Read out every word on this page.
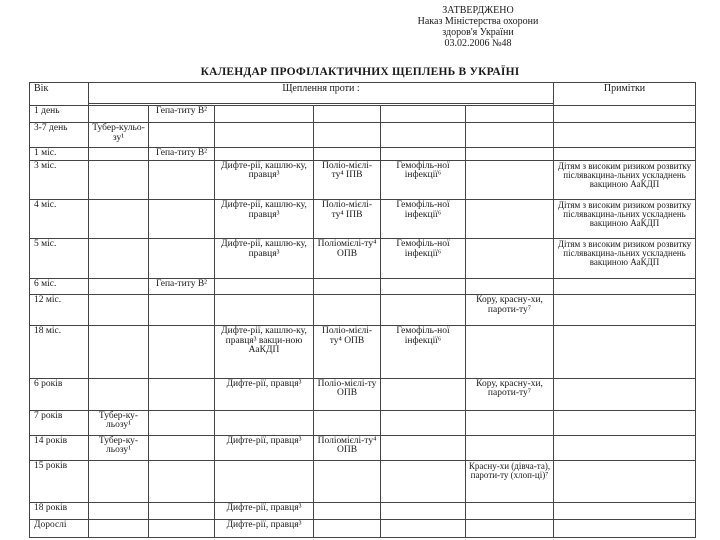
ЗАТВЕРДЖЕНО
Наказ Міністерства охорони
здоров'я України
03.02.2006 №48
КАЛЕНДАР ПРОФІЛАКТИЧНИХ ЩЕПЛЕНЬ В УКРАЇНІ
Вік	Щеплення проти :						Примітки

1 день		Гепа-титу В²					
3-7 день	Тубер-кульо-зу¹						
1 міс.		Гепа-титу В²					
3 міс.			Дифте-рії, кашлю-ку, правця³	Поліо-мієлі-ту⁴ ІПВ	Гемофіль-ної інфекції⁶		Дітям з високим ризиком розвитку післявакцина-льних ускладнень вакциною АаКДП
4 міс.			Дифте-рії, кашлю-ку, правця³	Поліо-мієлі-ту⁴ ІПВ	Гемофіль-ної інфекції⁶		Дітям з високим ризиком розвитку післявакцина-льних ускладнень вакциною АаКДП
5 міс.			Дифте-рії, кашлю-ку, правця³	Поліомієлі-ту⁴ ОПВ	Гемофіль-ної інфекції⁶		Дітям з високим ризиком розвитку післявакцина-льних ускладнень вакциною АаКДП
6 міс.		Гепа-титу В²					
12 міс.						Кору, красну-хи, пароти-ту⁷	
18 міс.			Дифте-рії, кашлю-ку, правця³ вакци-ною АаКДП	Поліо-мієлі-ту⁴ ОПВ	Гемофіль-ної інфекції⁶		
6 років			Дифте-рії, правця³	Поліо-мієлі-ту ОПВ		Кору, красну-хи, пароти-ту⁷	
7 років	Тубер-ку-льозу¹						
14 років	Тубер-ку-льозу¹		Дифте-рії, правця³	Поліомієлі-ту⁴ ОПВ			
15 років						Красну-хи (дівча-та), пароти-ту (хлоп-ці)⁷	
18 років			Дифте-рії, правця³				
Дорослі			Дифте-рії, правця³				
